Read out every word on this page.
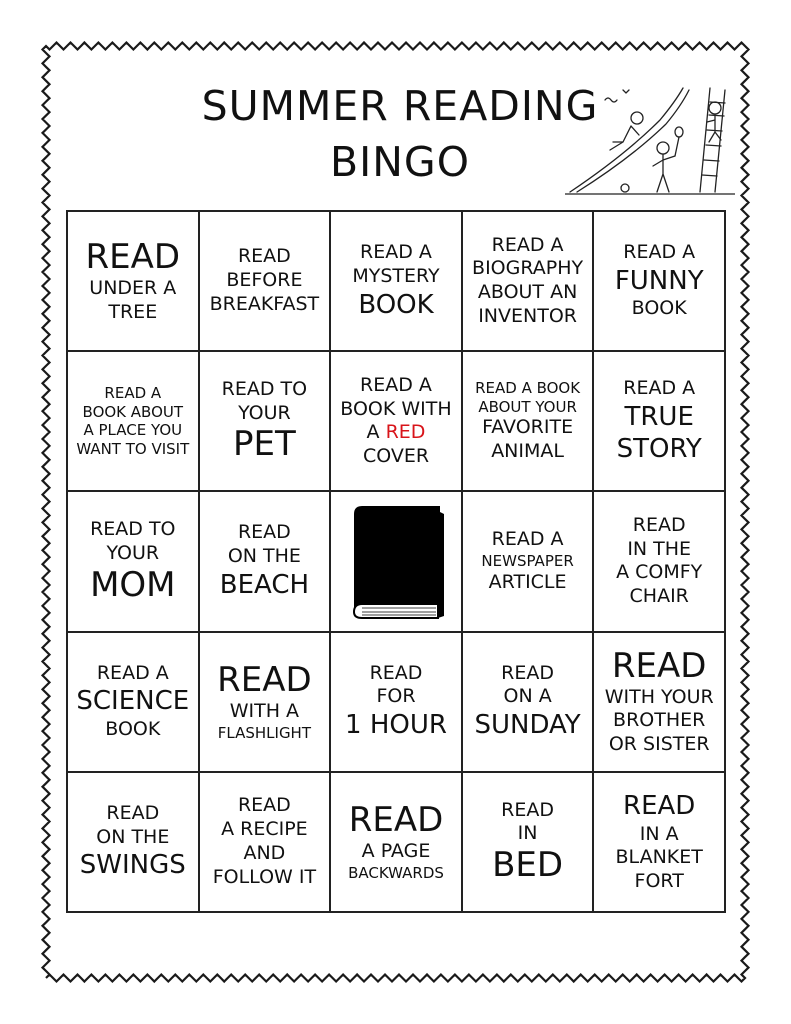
SUMMER READING
BINGO
READ
UNDER A
TREE
READ
BEFORE
BREAKFAST
READ A
MYSTERY
BOOK
READ A
BIOGRAPHY
ABOUT AN
INVENTOR
READ A
FUNNY
BOOK
READ A
BOOK ABOUT
A PLACE YOU
WANT TO VISIT
READ TO
YOUR
PET
READ A
BOOK WITH
A RED
COVER
READ A BOOK
ABOUT YOUR
FAVORITE
ANIMAL
READ A
TRUE
STORY
READ TO
YOUR
MOM
READ
ON THE
BEACH
READ A
NEWSPAPER
ARTICLE
READ
IN THE
A COMFY
CHAIR
READ A
SCIENCE
BOOK
READ
WITH A
FLASHLIGHT
READ
FOR
1 HOUR
READ
ON A
SUNDAY
READ
WITH YOUR
BROTHER
OR SISTER
READ
ON THE
SWINGS
READ
A RECIPE
AND
FOLLOW IT
READ
A PAGE
BACKWARDS
READ
IN
BED
READ
IN A
BLANKET
FORT
